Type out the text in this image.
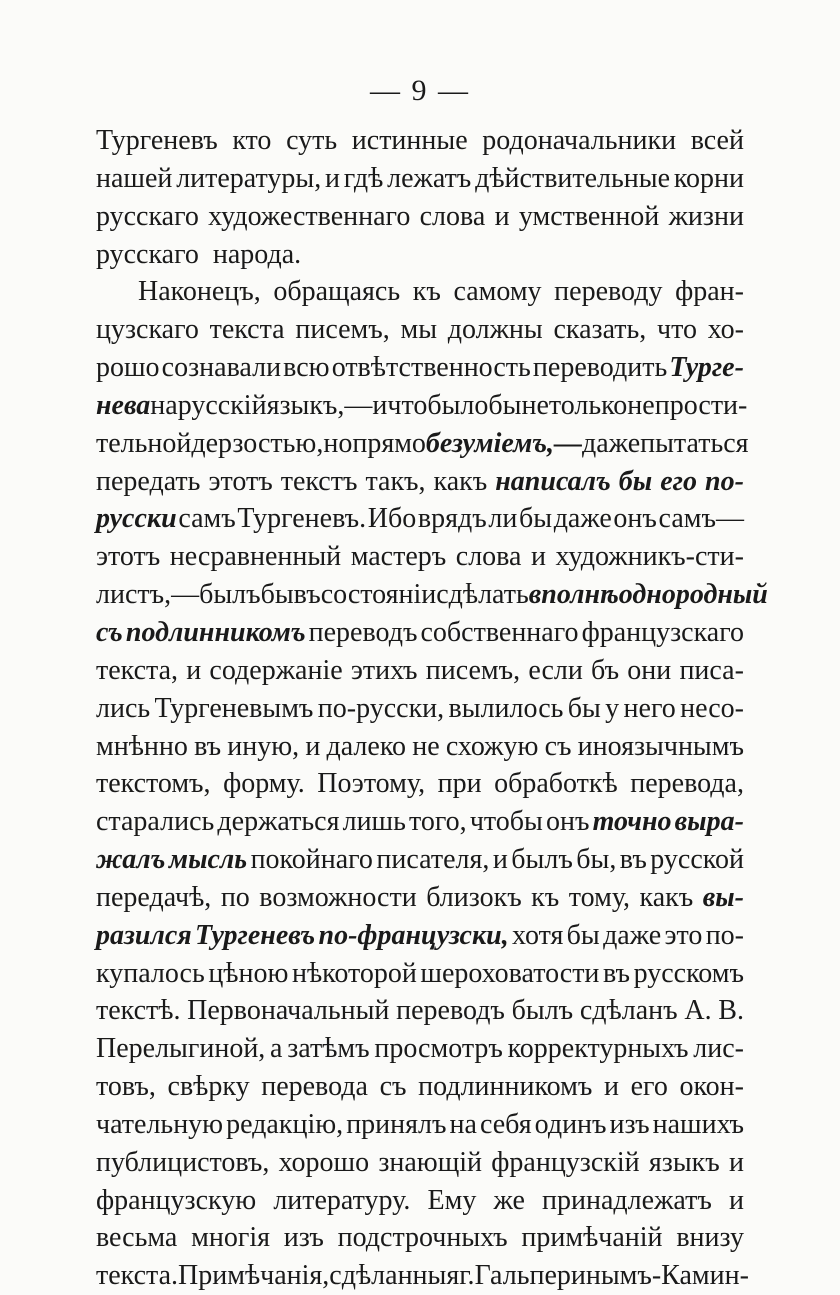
— 9 —
Тургеневъ кто суть истинные родоначальники всей
нашей литературы, и гдѣ лежатъ дѣйствительные корни
русскаго художественнаго слова и умственной жизни
русскаго народа.
Наконецъ, обращаясь къ самому переводу фран-
цузскаго текста писемъ, мы должны сказать, что хо-
рошо сознавали всю отвѣтственность переводить Турге-
нева на русскій языкъ,—и что было бы не только непрости-
тельной дерзостью, но прямо безуміемъ,— даже пытаться
передать этотъ текстъ такъ, какъ написалъ бы его по-
русски самъ Тургеневъ. Ибо врядъ ли бы даже онъ самъ—
этотъ несравненный мастеръ слова и художникъ-сти-
листъ,—былъ бы въ состояніи сдѣлать вполнѣ однородный
съ подлинникомъ переводъ собственнаго французскаго
текста, и содержаніе этихъ писемъ, если бъ они писа-
лись Тургеневымъ по-русски, вылилось бы у него несо-
мнѣнно въ иную, и далеко не схожую съ иноязычнымъ
текстомъ, форму. Поэтому, при обработкѣ перевода,
старались держаться лишь того, чтобы онъ точно выра-
жалъ мысль покойнаго писателя, и былъ бы, въ русской
передачѣ, по возможности близокъ къ тому, какъ вы-
разился Тургеневъ по-французски, хотя бы даже это по-
купалось цѣною нѣкоторой шероховатости въ русскомъ
текстѣ. Первоначальный переводъ былъ сдѣланъ А. В.
Перелыгиной, а затѣмъ просмотръ корректурныхъ лис-
товъ, свѣрку перевода съ подлинникомъ и его окон-
чательную редакцію, принялъ на себя одинъ изъ нашихъ
публицистовъ, хорошо знающій французскій языкъ и
французскую литературу. Ему же принадлежатъ и
весьма многія изъ подстрочныхъ примѣчаній внизу
текста. Примѣчанія, сдѣланныя г. Гальперинымъ-Камин-
